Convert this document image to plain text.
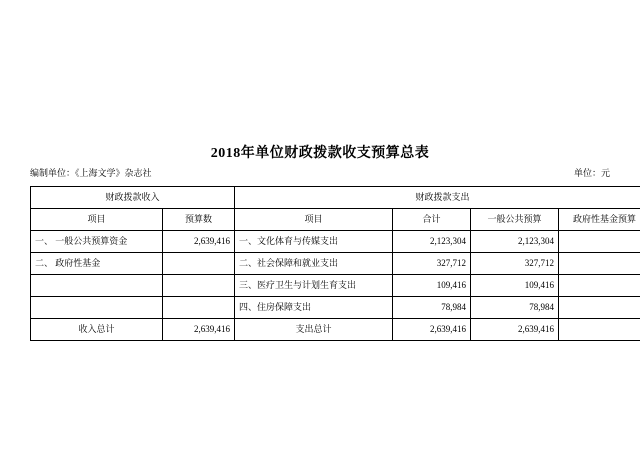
2018年单位财政拨款收支预算总表
编制单位：《上海文学》杂志社	单位：元
财政拨款收入		财政拨款支出			
项目	预算数	项目	合计	一般公共预算	政府性基金预算
一、 一般公共预算资金	2,639,416	一、文化体育与传媒支出	2,123,304	2,123,304	
二、 政府性基金		二、社会保障和就业支出	327,712	327,712	
		三、医疗卫生与计划生育支出	109,416	109,416	
		四、住房保障支出	78,984	78,984	
收入总计	2,639,416	支出总计	2,639,416	2,639,416	
